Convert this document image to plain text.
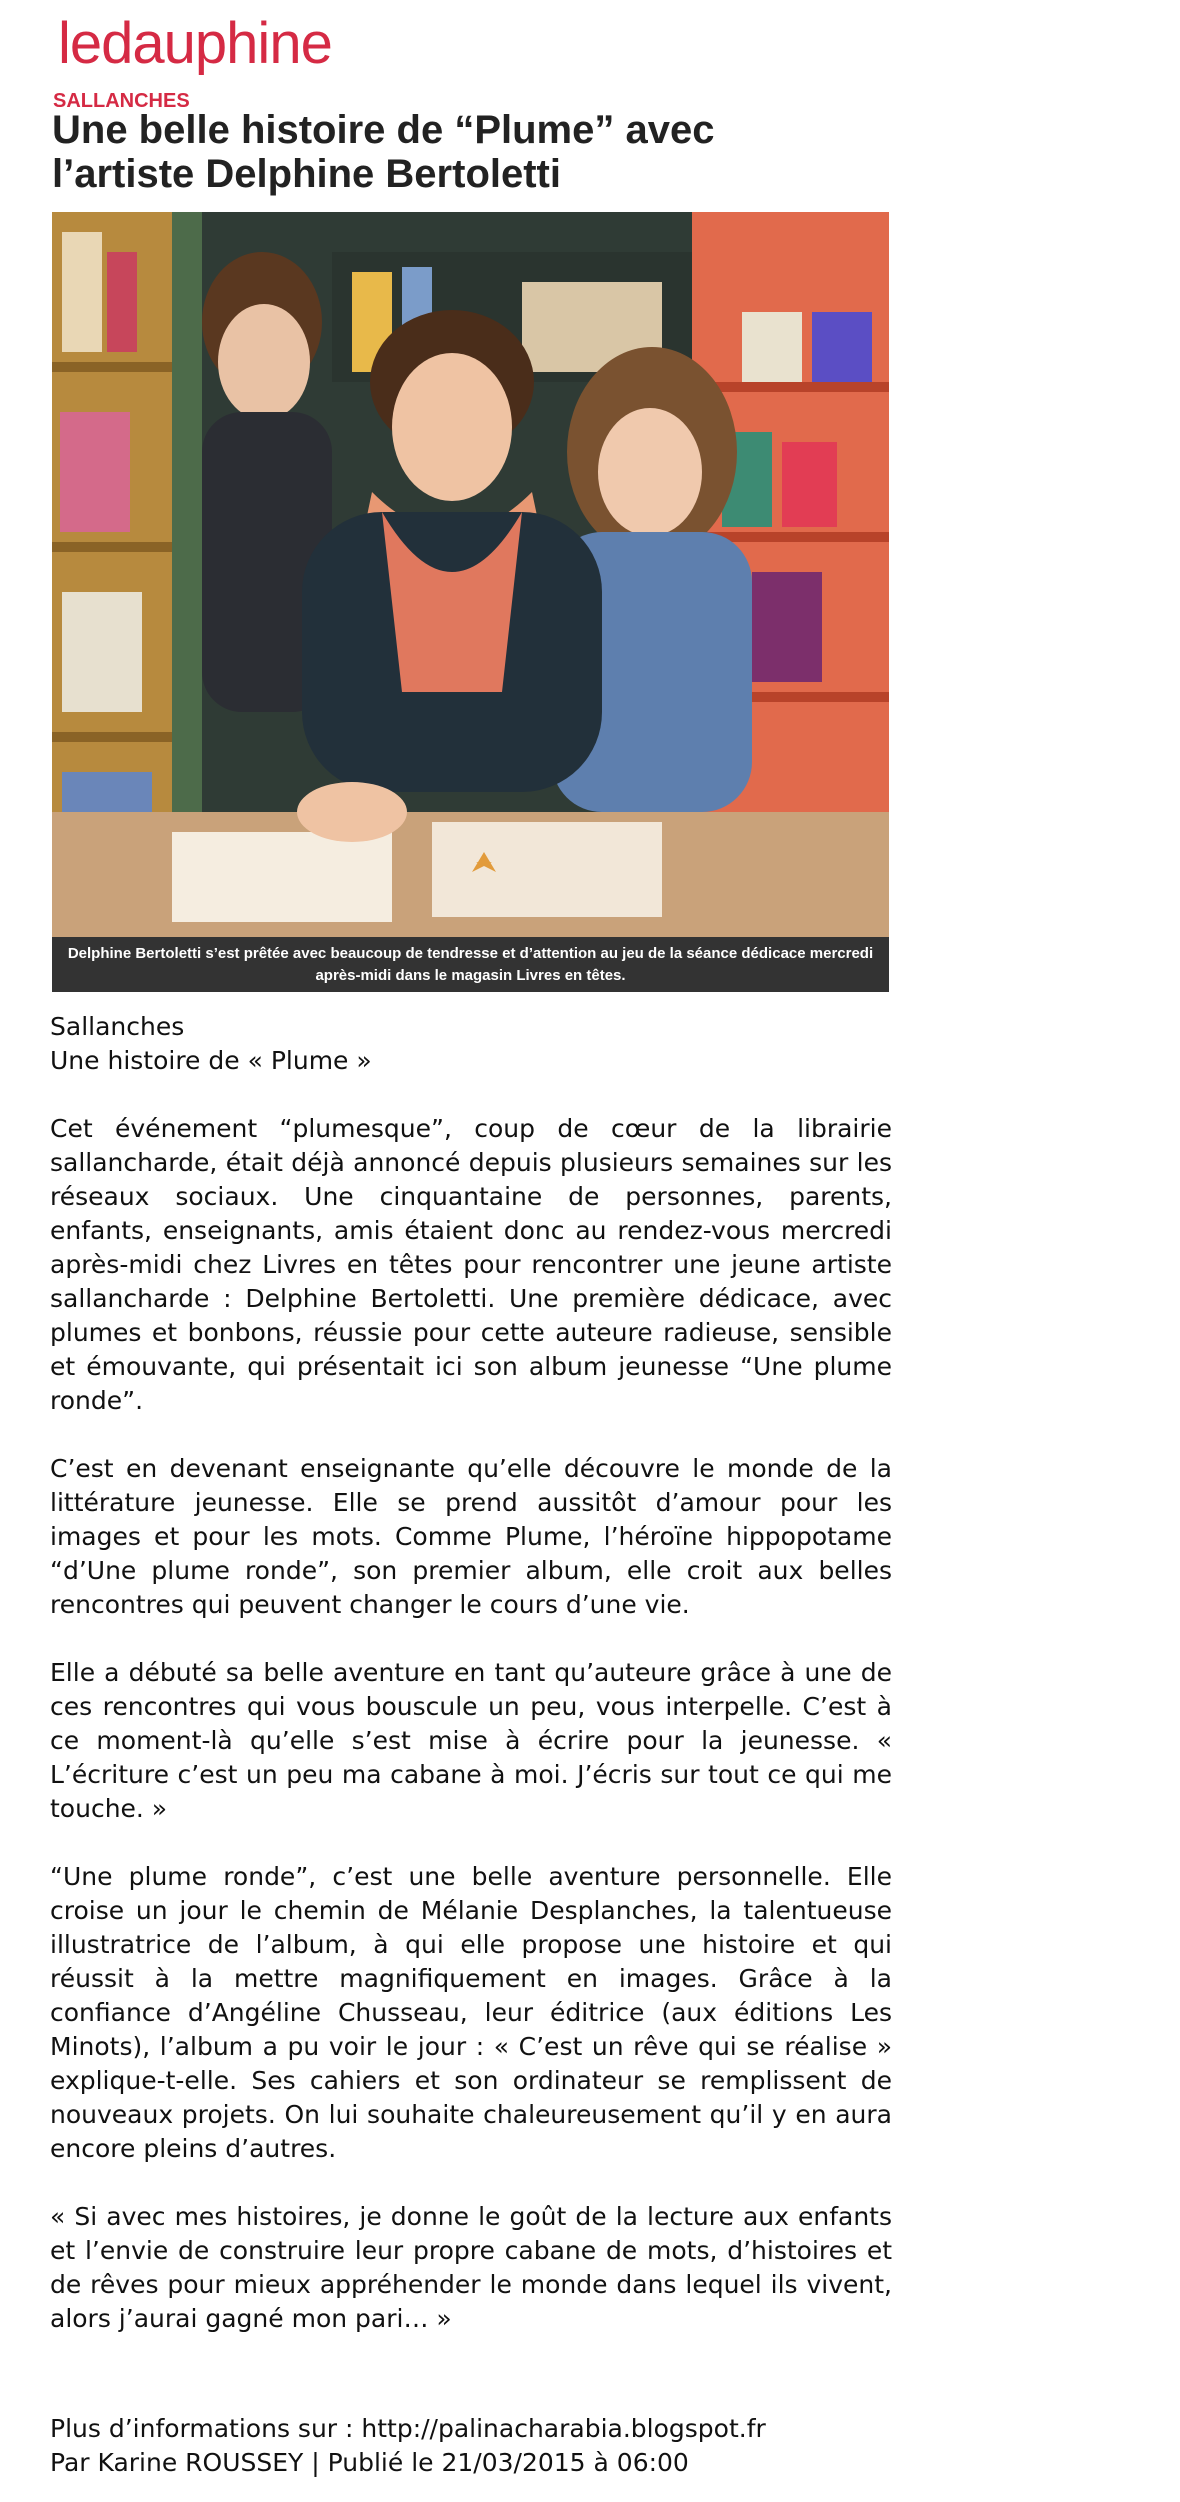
ledauphine
SALLANCHES
Une belle histoire de “Plume” avec l’artiste Delphine Bertoletti
Delphine Bertoletti s’est prêtée avec beaucoup de tendresse et d’attention au jeu de la séance dédicace mercredi après-midi dans le magasin Livres en têtes.
Sallanches
Une histoire de « Plume »

Cet événement “plumesque”, coup de cœur de la librairie sallancharde, était déjà annoncé depuis plusieurs semaines sur les réseaux sociaux. Une cinquantaine de personnes, parents, enfants, enseignants, amis étaient donc au rendez-vous mercredi après-midi chez Livres en têtes pour rencontrer une jeune artiste sallancharde : Delphine Bertoletti. Une première dédicace, avec plumes et bonbons, réussie pour cette auteure radieuse, sensible et émouvante, qui présentait ici son album jeunesse “Une plume ronde”.

C’est en devenant enseignante qu’elle découvre le monde de la littérature jeunesse. Elle se prend aussitôt d’amour pour les images et pour les mots. Comme Plume, l’héroïne hippopotame “d’Une plume ronde”, son premier album, elle croit aux belles rencontres qui peuvent changer le cours d’une vie.

Elle a débuté sa belle aventure en tant qu’auteure grâce à une de ces rencontres qui vous bouscule un peu, vous interpelle. C’est à ce moment-là qu’elle s’est mise à écrire pour la jeunesse. « L’écriture c’est un peu ma cabane à moi. J’écris sur tout ce qui me touche. »

“Une plume ronde”, c’est une belle aventure personnelle. Elle croise un jour le chemin de Mélanie Desplanches, la talentueuse illustratrice de l’album, à qui elle propose une histoire et qui réussit à la mettre magnifiquement en images. Grâce à la confiance d’Angéline Chusseau, leur éditrice (aux éditions Les Minots), l’album a pu voir le jour : « C’est un rêve qui se réalise » explique-t-elle. Ses cahiers et son ordinateur se remplissent de nouveaux projets. On lui souhaite chaleureusement qu’il y en aura encore pleins d’autres.

« Si avec mes histoires, je donne le goût de la lecture aux enfants et l’envie de construire leur propre cabane de mots, d’histoires et de rêves pour mieux appréhender le monde dans lequel ils vivent, alors j’aurai gagné mon pari… »

Plus d’informations sur : http://palinacharabia.blogspot.fr
Par Karine ROUSSEY | Publié le 21/03/2015 à 06:00
